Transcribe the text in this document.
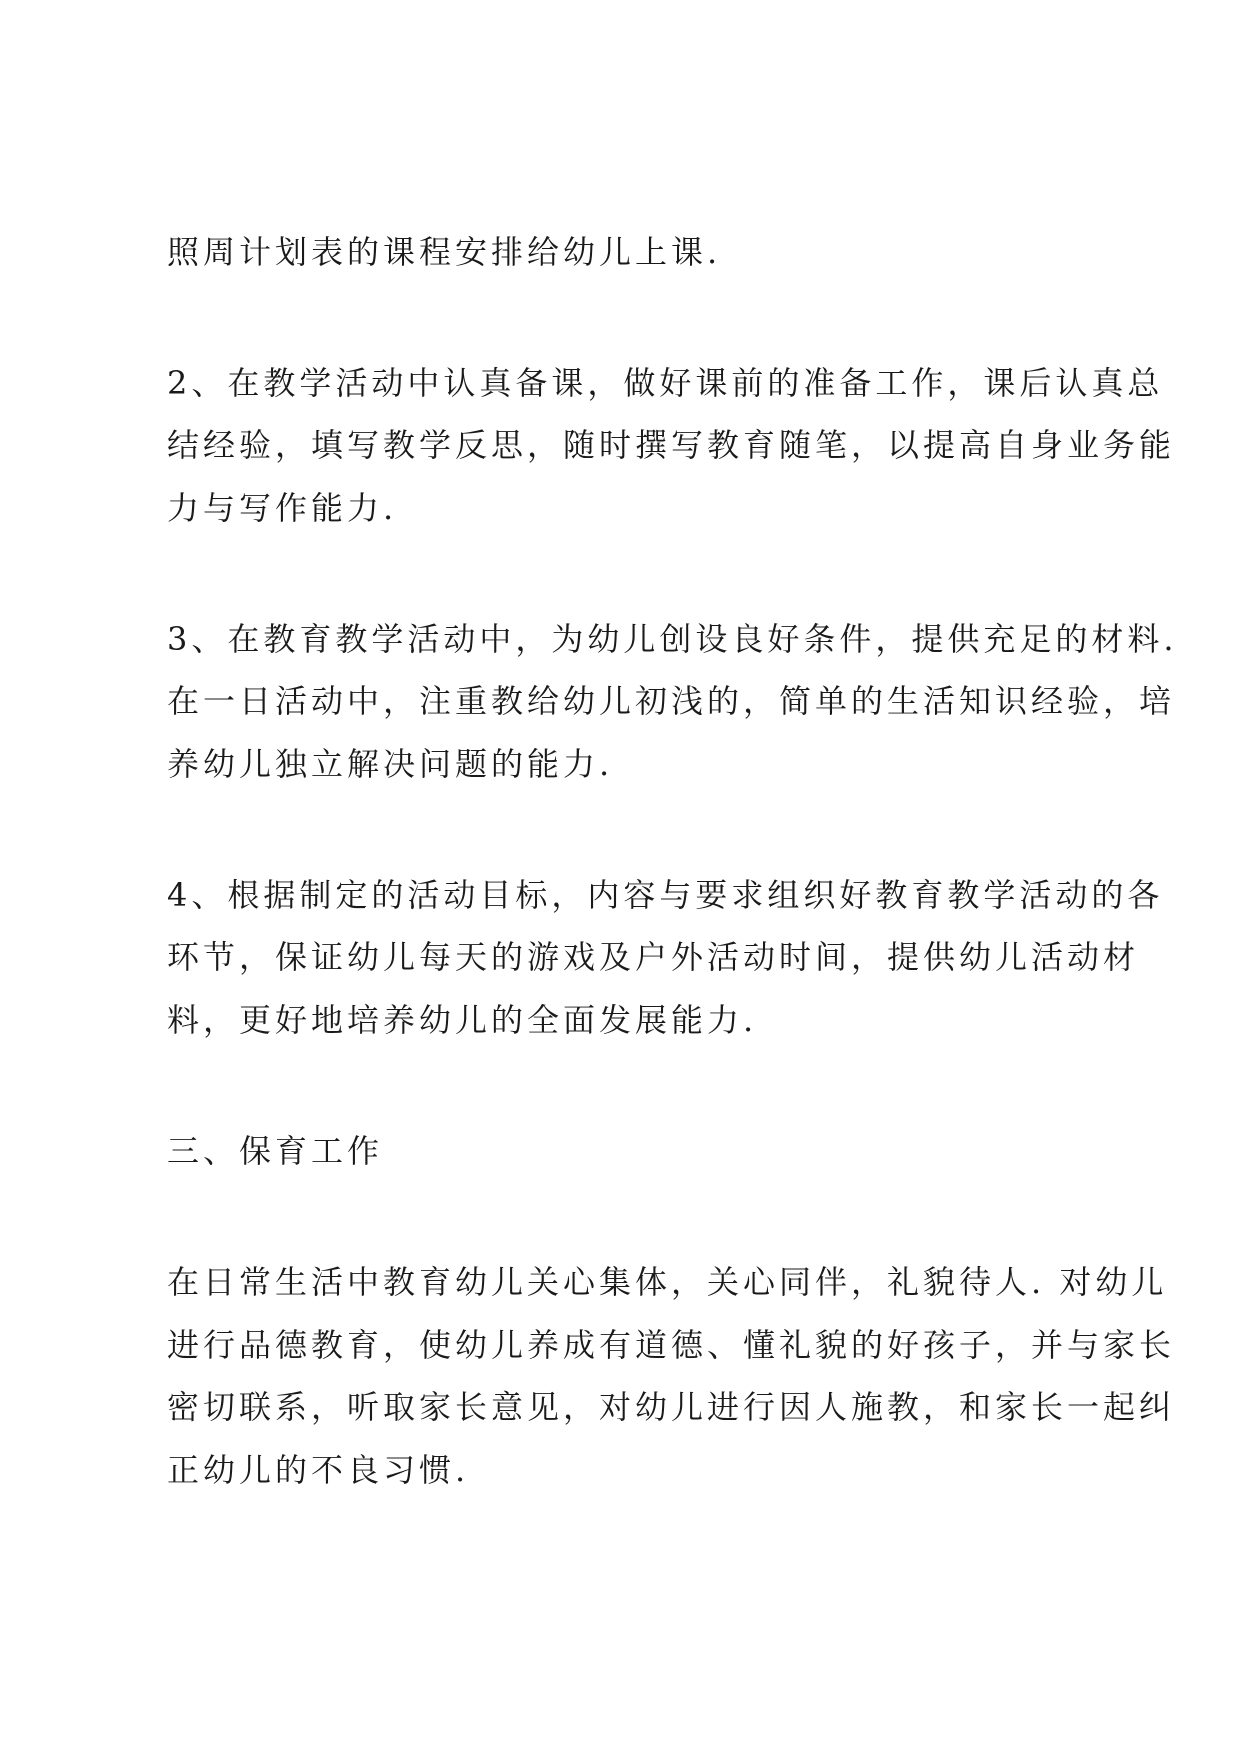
照周计划表的课程安排给幼儿上课.
2、在教学活动中认真备课，做好课前的准备工作，课后认真总
结经验，填写教学反思，随时撰写教育随笔，以提高自身业务能
力与写作能力.
3、在教育教学活动中，为幼儿创设良好条件，提供充足的材料.
在一日活动中，注重教给幼儿初浅的，简单的生活知识经验，培
养幼儿独立解决问题的能力.
4、根据制定的活动目标，内容与要求组织好教育教学活动的各
环节，保证幼儿每天的游戏及户外活动时间，提供幼儿活动材
料，更好地培养幼儿的全面发展能力.
三、保育工作
在日常生活中教育幼儿关心集体，关心同伴，礼貌待人. 对幼儿
进行品德教育，使幼儿养成有道德、懂礼貌的好孩子，并与家长
密切联系，听取家长意见，对幼儿进行因人施教，和家长一起纠
正幼儿的不良习惯.
